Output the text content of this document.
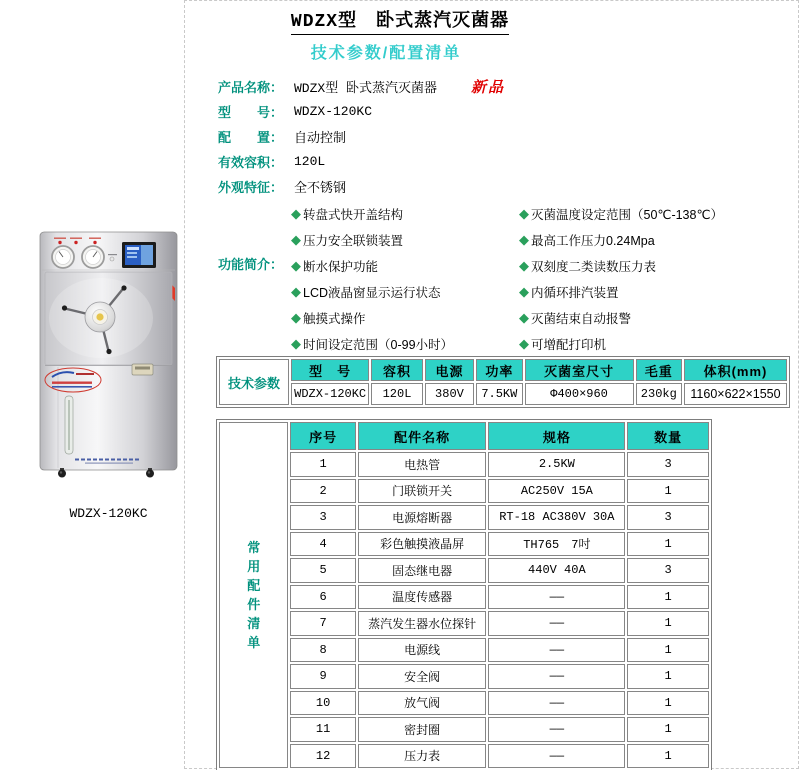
WDZX型　卧式蒸汽灭菌器
技术参数/配置清单
WDZX-120KC
产品名称： WDZX型 卧式蒸汽灭菌器 新品
型　　号： WDZX-120KC
配　　置： 自动控制
有效容积： 120L
外观特征： 全不锈钢
功能简介：
◆ 转盘式快开盖结构
◆ 压力安全联锁装置
◆ 断水保护功能
◆ LCD液晶窗显示运行状态
◆ 触摸式操作
◆ 时间设定范围（0-99小时）
◆ 灭菌温度设定范围（50℃-138℃）
◆ 最高工作压力0.24Mpa
◆ 双刻度二类读数压力表
◆ 内循环排汽装置
◆ 灭菌结束自动报警
◆ 可增配打印机
技术参数	型　号	容积	电源	功率	灭菌室尺寸	毛重	体积(mm)
	WDZX-120KC	120L	380V	7.5KW	Φ400×960	230kg	1160×622×1550
常
用
配
件
清
单
	序号	配件名称	规格	数量
	1	电热管	2.5KW	3
	2	门联锁开关	AC250V 15A	1
	3	电源熔断器	RT-18 AC380V 30A	3
	4	彩色触摸液晶屏	TH765　7吋	1
	5	固态继电器	440V 40A	3
	6	温度传感器	——	1
	7	蒸汽发生器水位探针	——	1
	8	电源线	——	1
	9	安全阀	——	1
	10	放气阀	——	1
	11	密封圈	——	1
	12	压力表	——	1
